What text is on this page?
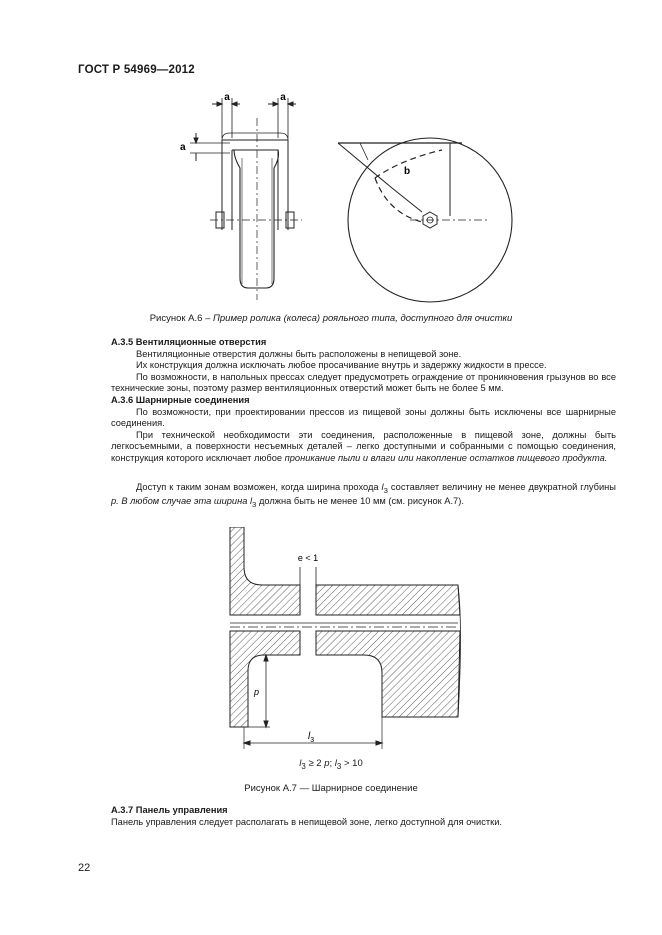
ГОСТ Р 54969—2012
a	a
a
b
Рисунок А.6 – Пример ролика (колеса) рояльного типа, доступного для очистки

А.3.5 Вентиляционные отверстия

Вентиляционные отверстия должны быть расположены в непищевой зоне.

Их конструкция должна исключать любое просачивание внутрь и задержку жидкости в прессе.

По возможности, в напольных прессах следует предусмотреть ограждение от проникновения грызунов во все технические зоны, поэтому размер вентиляционных отверстий может быть не более 5 мм.

А.3.6 Шарнирные соединения

По возможности, при проектировании прессов из пищевой зоны должны быть исключены все шарнирные соединения.

При технической необходимости эти соединения, расположенные в пищевой зоне, должны быть легкосъемными, а поверхности несъемных деталей – легко доступными и собранными с помощью соединения, конструкция которого исключает любое проникание пыли и влаги или накопление остатков пищевого продукта.

Доступ к таким зонам возможен, когда ширина прохода $l_3$ составляет величину не менее двукратной глубины p. В любом случае эта ширина $l_3$ должна быть не менее 10 мм (см. рисунок А.7).

e < 1
p
$l_3$
$l_3 \ge 2$ p; $l_3 > 10$
Рисунок А.7 — Шарнирное соединение

А.3.7 Панель управления

Панель управления следует располагать в непищевой зоне, легко доступной для очистки.

22
